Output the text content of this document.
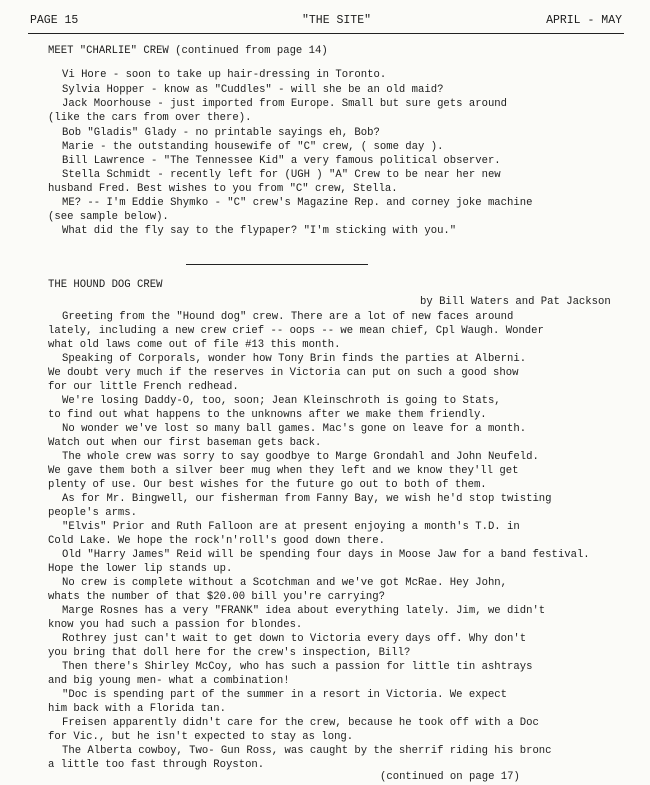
PAGE 15	"THE SITE"	APRIL - MAY
MEET "CHARLIE" CREW (continued from page 14)
Vi Hore - soon to take up hair-dressing in Toronto.
Sylvia Hopper - know as "Cuddles" - will she be an old maid?
Jack Moorhouse - just imported from Europe. Small but sure gets around
(like the cars from over there).
Bob "Gladis" Glady - no printable sayings eh, Bob?
Marie - the outstanding housewife of "C" crew, ( some day ).
Bill Lawrence - "The Tennessee Kid" a very famous political observer.
Stella Schmidt - recently left for (UGH ) "A" Crew to be near her new
husband Fred. Best wishes to you from "C" crew, Stella.
ME? -- I'm Eddie Shymko - "C" crew's Magazine Rep. and corney joke machine
(see sample below).
What did the fly say to the flypaper? "I'm sticking with you."
THE HOUND DOG CREW
by Bill Waters and Pat Jackson
Greeting from the "Hound dog" crew. There are a lot of new faces around
lately, including a new crew crief -- oops -- we mean chief, Cpl Waugh. Wonder
what old laws come out of file #13 this month.
Speaking of Corporals, wonder how Tony Brin finds the parties at Alberni.
We doubt very much if the reserves in Victoria can put on such a good show
for our little French redhead.
We're losing Daddy-O, too, soon; Jean Kleinschroth is going to Stats,
to find out what happens to the unknowns after we make them friendly.
No wonder we've lost so many ball games. Mac's gone on leave for a month.
Watch out when our first baseman gets back.
The whole crew was sorry to say goodbye to Marge Grondahl and John Neufeld.
We gave them both a silver beer mug when they left and we know they'll get
plenty of use. Our best wishes for the future go out to both of them.
As for Mr. Bingwell, our fisherman from Fanny Bay, we wish he'd stop twisting
people's arms.
"Elvis" Prior and Ruth Falloon are at present enjoying a month's T.D. in
Cold Lake. We hope the rock'n'roll's good down there.
Old "Harry James" Reid will be spending four days in Moose Jaw for a band festival.
Hope the lower lip stands up.
No crew is complete without a Scotchman and we've got McRae. Hey John,
whats the number of that $20.00 bill you're carrying?
Marge Rosnes has a very "FRANK" idea about everything lately. Jim, we didn't
know you had such a passion for blondes.
Rothrey just can't wait to get down to Victoria every days off. Why don't
you bring that doll here for the crew's inspection, Bill?
Then there's Shirley McCoy, who has such a passion for little tin ashtrays
and big young men- what a combination!
"Doc is spending part of the summer in a resort in Victoria. We expect
him back with a Florida tan.
Freisen apparently didn't care for the crew, because he took off with a Doc
for Vic., but he isn't expected to stay as long.
The Alberta cowboy, Two- Gun Ross, was caught by the sherrif riding his bronc
a little too fast through Royston.
(continued on page 17)
